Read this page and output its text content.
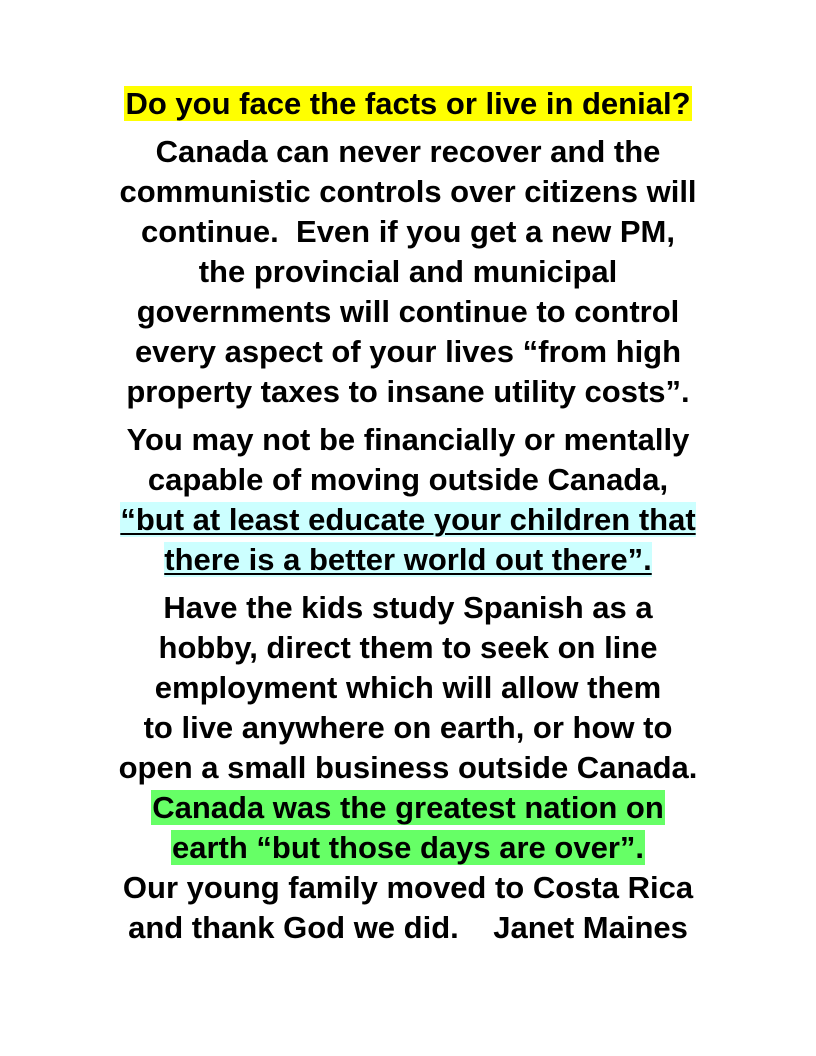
Do you face the facts or live in denial?
Canada can never recover and the
communistic controls over citizens will
continue.  Even if you get a new PM,
the provincial and municipal
governments will continue to control
every aspect of your lives “from high
property taxes to insane utility costs”.
You may not be financially or mentally
capable of moving outside Canada,
“but at least educate your children that
there is a better world out there”.
Have the kids study Spanish as a
hobby, direct them to seek on line
employment which will allow them
to live anywhere on earth, or how to
open a small business outside Canada.
Canada was the greatest nation on
earth “but those days are over”.
Our young family moved to Costa Rica
and thank God we did.    Janet Maines
